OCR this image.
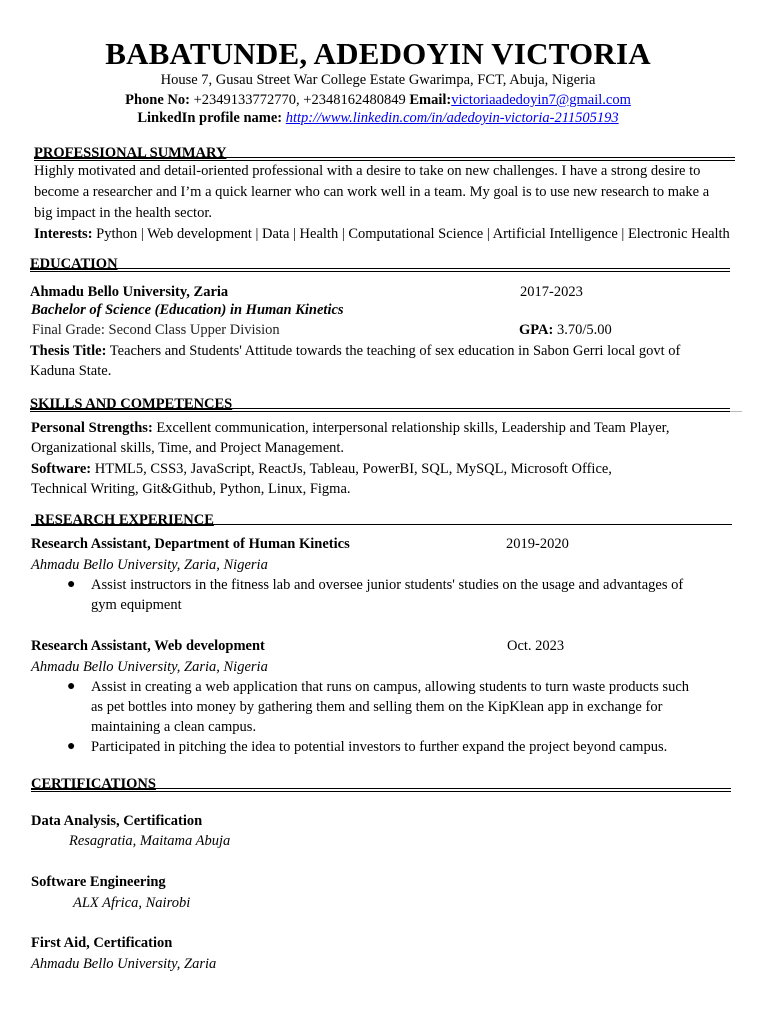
BABATUNDE, ADEDOYIN VICTORIA
House 7, Gusau Street War College Estate Gwarimpa, FCT, Abuja, Nigeria
Phone No: +2349133772770, +2348162480849 Email:victoriaadedoyin7@gmail.com
LinkedIn profile name: http://www.linkedin.com/in/adedoyin-victoria-211505193
PROFESSIONAL SUMMARY
Highly motivated and detail-oriented professional with a desire to take on new challenges. I have a strong desire to
become a researcher and I’m a quick learner who can work well in a team. My goal is to use new research to make a
big impact in the health sector.
Interests: Python | Web development | Data | Health | Computational Science | Artificial Intelligence | Electronic Health
EDUCATION
Ahmadu Bello University, Zaria	2017-2023
Bachelor of Science (Education) in Human Kinetics
Final Grade: Second Class Upper Division	GPA: 3.70/5.00
Thesis Title: Teachers and Students' Attitude towards the teaching of sex education in Sabon Gerri local govt of
Kaduna State.
SKILLS AND COMPETENCES
Personal Strengths: Excellent communication, interpersonal relationship skills, Leadership and Team Player,
Organizational skills, Time, and Project Management.
Software: HTML5, CSS3, JavaScript, ReactJs, Tableau, PowerBI, SQL, MySQL, Microsoft Office,
Technical Writing, Git&Github, Python, Linux, Figma.
RESEARCH EXPERIENCE
Research Assistant, Department of Human Kinetics	2019-2020
Ahmadu Bello University, Zaria, Nigeria
● Assist instructors in the fitness lab and oversee junior students' studies on the usage and advantages of
gym equipment
Research Assistant, Web development	Oct. 2023
Ahmadu Bello University, Zaria, Nigeria
● Assist in creating a web application that runs on campus, allowing students to turn waste products such
as pet bottles into money by gathering them and selling them on the KipKlean app in exchange for
maintaining a clean campus.
● Participated in pitching the idea to potential investors to further expand the project beyond campus.
CERTIFICATIONS
Data Analysis, Certification
Resagratia, Maitama Abuja
Software Engineering
ALX Africa, Nairobi
First Aid, Certification
Ahmadu Bello University, Zaria
